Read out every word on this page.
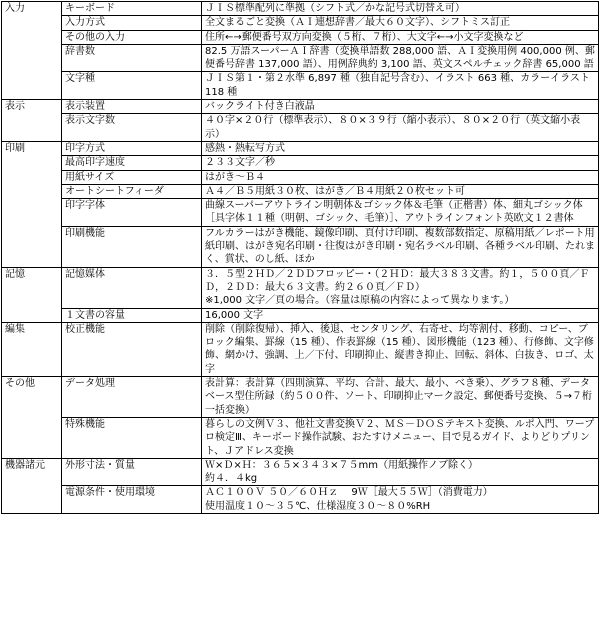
入力	キーボード	ＪＩＳ標準配列に準拠（シフト式／かな記号式切替え可）
	入力方式	全文まるごと変換（ＡＩ連想辞書／最大６０文字）、シフトミス訂正
	その他の入力	住所←→郵便番号双方向変換（５桁、７桁）、大文字←→小文字変換など
	辞書数	82.5 万語スーパーＡＩ辞書（変換単語数 288,000 語、ＡＩ変換用例 400,000 例、郵便番号辞書 137,000 語）、用例辞典約 3,100 語、英文スペルチェック辞書 65,000 語
	文字種	ＪＩＳ第１・第２水準 6,897 種（独自記号含む）、イラスト 663 種、カラーイラスト 118 種
表示	表示装置	バックライト付き白液晶
	表示文字数	４０字×２０行（標準表示）、８０×３９行（縮小表示）、８０×２０行（英文縮小表示）
印刷	印字方式	感熱・熱転写方式
	最高印字速度	２３３文字／秒
	用紙サイズ	はがき～Ｂ４
	オートシートフィーダ	Ａ４／Ｂ５用紙３０枚、はがき／Ｂ４用紙２０枚セット可
	印字字体	曲線スーパーアウトライン明朝体＆ゴシック体＆毛筆（正楷書）体、細丸ゴシック体［具字体１１種（明朝、ゴシック、毛筆）］、アウトラインフォント英欧文１２書体
	印刷機能	フルカラーはがき機能、鏡像印刷、頁付け印刷、複数部数指定、原稿用紙／レポート用紙印刷、はがき宛名印刷・往復はがき印刷・宛名ラベル印刷、各種ラベル印刷、たれまく、賞状、のし紙、ほか
記憶	記憶媒体	３．５型２ＨＤ／２ＤＤフロッピー・（２ＨＤ：最大３８３文書。約１，５００頁／ＦＤ，２ＤＤ：最大６３文書。約２６０頁／ＦＤ）
※1,000 文字／頁の場合。（容量は原稿の内容によって異なります。）
	１文書の容量	16,000 文字
編集	校正機能	削除（削除復帰）、挿入、後退、センタリング、右寄せ、均等割付、移動、コピー、ブロック編集、罫線（15 種）、作表罫線（15 種）、図形機能（123 種）、行修飾、文字修飾、網かけ、強調、上／下付、印刷抑止、縦書き抑止、回転、斜体、白抜き、ロゴ、太字
その他	データ処理	表計算：表計算（四則演算、平均、合計、最大、最小、べき乗）、グラフ８種、データベース型住所録（約５００件、ソート、印刷抑止マーク設定、郵便番号変換、５→７桁一括変換）
	特殊機能	暮らしの文例Ｖ３、他社文書変換Ｖ２、ＭＳ－ＤＯＳテキスト変換、ルポ入門、ワープロ検定Ⅲ、キーボード操作試験、おたすけメニュー、目で見るガイド、よりどりプリント、Ｊアドレス変換
機器諸元	外形寸法・質量	Ｗ×Ｄ×Ｈ：３６５×３４３×７５mm（用紙操作ノブ除く）
約４．４kg
	電源条件・使用環境	ＡＣ１００Ｖ ５０／６０Ｈｚ　 9Ｗ［最大５５Ｗ］（消費電力）
使用温度１０～３５℃、仕様湿度３０～８０%RH
